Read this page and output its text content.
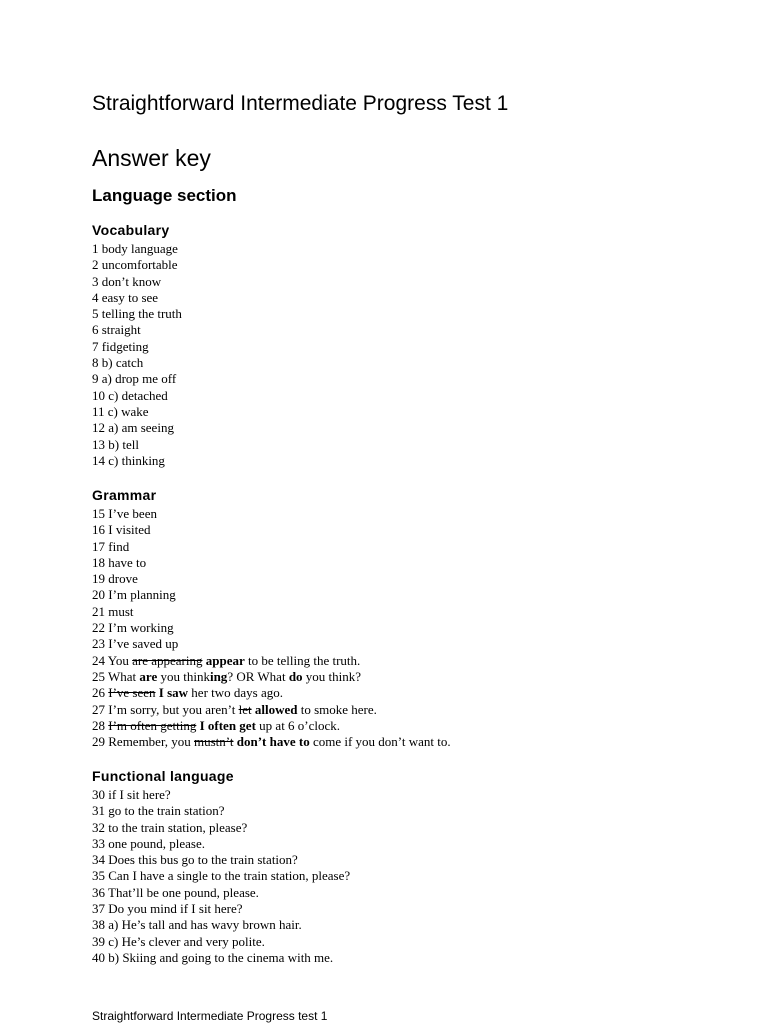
Straightforward Intermediate Progress Test 1
Answer key
Language section
Vocabulary
1 body language
2 uncomfortable
3 don’t know
4 easy to see
5 telling the truth
6 straight
7 fidgeting
8 b) catch
9 a) drop me off
10 c) detached
11 c) wake
12 a) am seeing
13 b) tell
14 c) thinking
Grammar
15 I’ve been
16 I visited
17 find
18 have to
19 drove
20 I’m planning
21 must
22 I’m working
23 I’ve saved up
24 You are appearing appear to be telling the truth.
25 What are you thinking? OR What do you think?
26 I’ve seen I saw her two days ago.
27 I’m sorry, but you aren’t let allowed to smoke here.
28 I’m often getting I often get up at 6 o’clock.
29 Remember, you mustn’t don’t have to come if you don’t want to.
Functional language
30 if I sit here?
31 go to the train station?
32 to the train station, please?
33 one pound, please.
34 Does this bus go to the train station?
35 Can I have a single to the train station, please?
36 That’ll be one pound, please.
37 Do you mind if I sit here?
38 a) He’s tall and has wavy brown hair.
39 c) He’s clever and very polite.
40 b) Skiing and going to the cinema with me.
Straightforward Intermediate Progress test 1
